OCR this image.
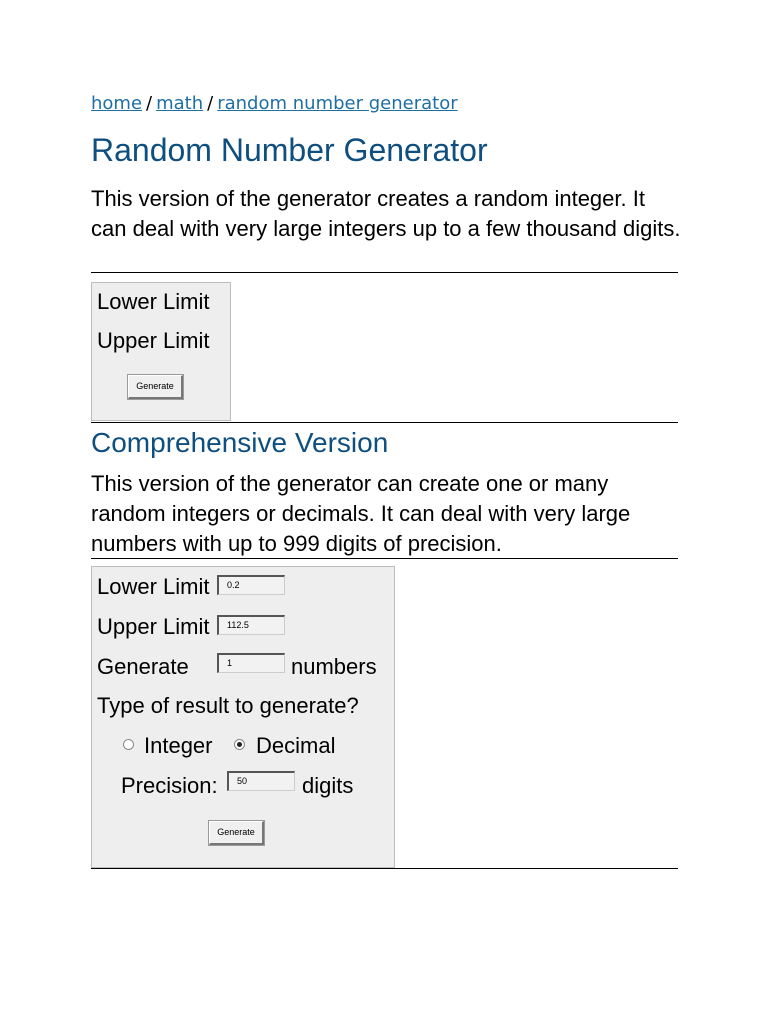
home / math / random number generator
Random Number Generator

This version of the generator creates a random integer. It can deal with very large integers up to a few thousand digits.

Lower Limit
Upper Limit
Generate
Comprehensive Version

This version of the generator can create one or many random integers or decimals. It can deal with very large numbers with up to 999 digits of precision.

Lower Limit	0.2
Upper Limit	112.5
Generate	1	numbers
Type of result to generate?
Integer Decimal
Precision:	50	digits
Generate
